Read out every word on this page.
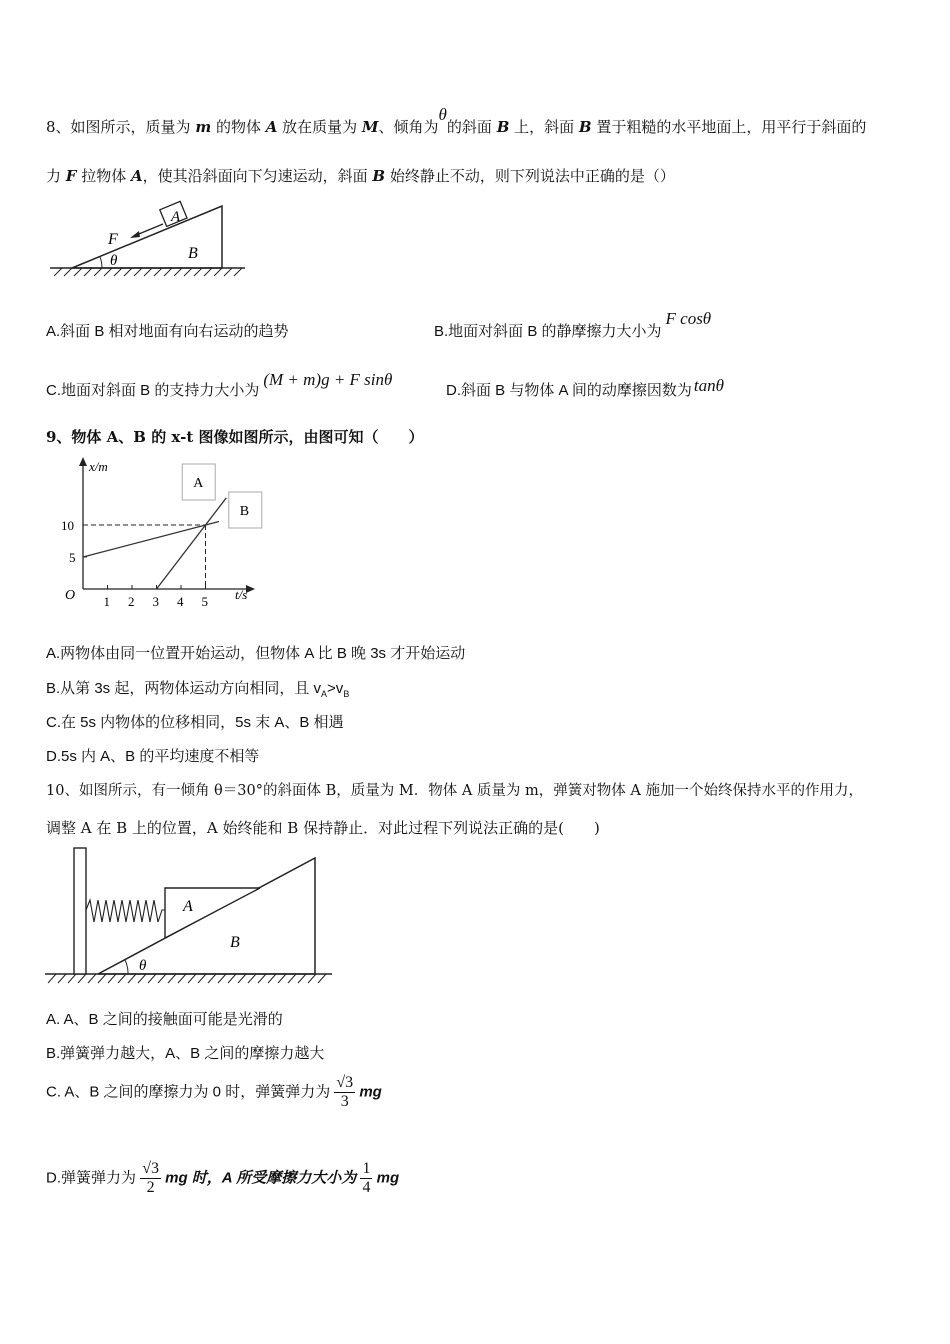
8、如图所示，质量为 m 的物体 A 放在质量为 M、倾角为θ的斜面 B 上，斜面 B 置于粗糙的水平地面上，用平行于斜面的
力 F 拉物体 A，使其沿斜面向下匀速运动，斜面 B 始终静止不动，则下列说法中正确的是（）
A
F
B
θ
A.斜面 B 相对地面有向右运动的趋势	B.地面对斜面 B 的静摩擦力大小为F cosθ
C.地面对斜面 B 的支持力大小为(M + m)g + F sinθ
D.斜面 B 与物体 A 间的动摩擦因数为 tanθ
9、物体 A、B 的 x-t 图像如图所示，由图可知（　　）
x/m
t/s
O 1 2 3 4 5
5
10
A
B
A.两物体由同一位置开始运动，但物体 A 比 B 晚 3s 才开始运动
B.从第 3s 起，两物体运动方向相同，且 $v_A>v_B$
C.在 5s 内物体的位移相同，5s 末 A、B 相遇
D.5s 内 A、B 的平均速度不相等
10、如图所示，有一倾角 θ＝30°的斜面体 B，质量为 M．物体 A 质量为 m，弹簧对物体 A 施加一个始终保持水平的作用力，
调整 A 在 B 上的位置，A 始终能和 B 保持静止．对此过程下列说法正确的是(　　)
A
B
θ
A. A、B 之间的接触面可能是光滑的
B.弹簧弹力越大，A、B 之间的摩擦力越大
C. A、B 之间的摩擦力为 0 时，弹簧弹力为 $\frac{√3}{3}$ mg
D.弹簧弹力为 $\frac{√3}{2}$ mg 时，A 所受摩擦力大小为 $\frac{1}{4}$ mg
